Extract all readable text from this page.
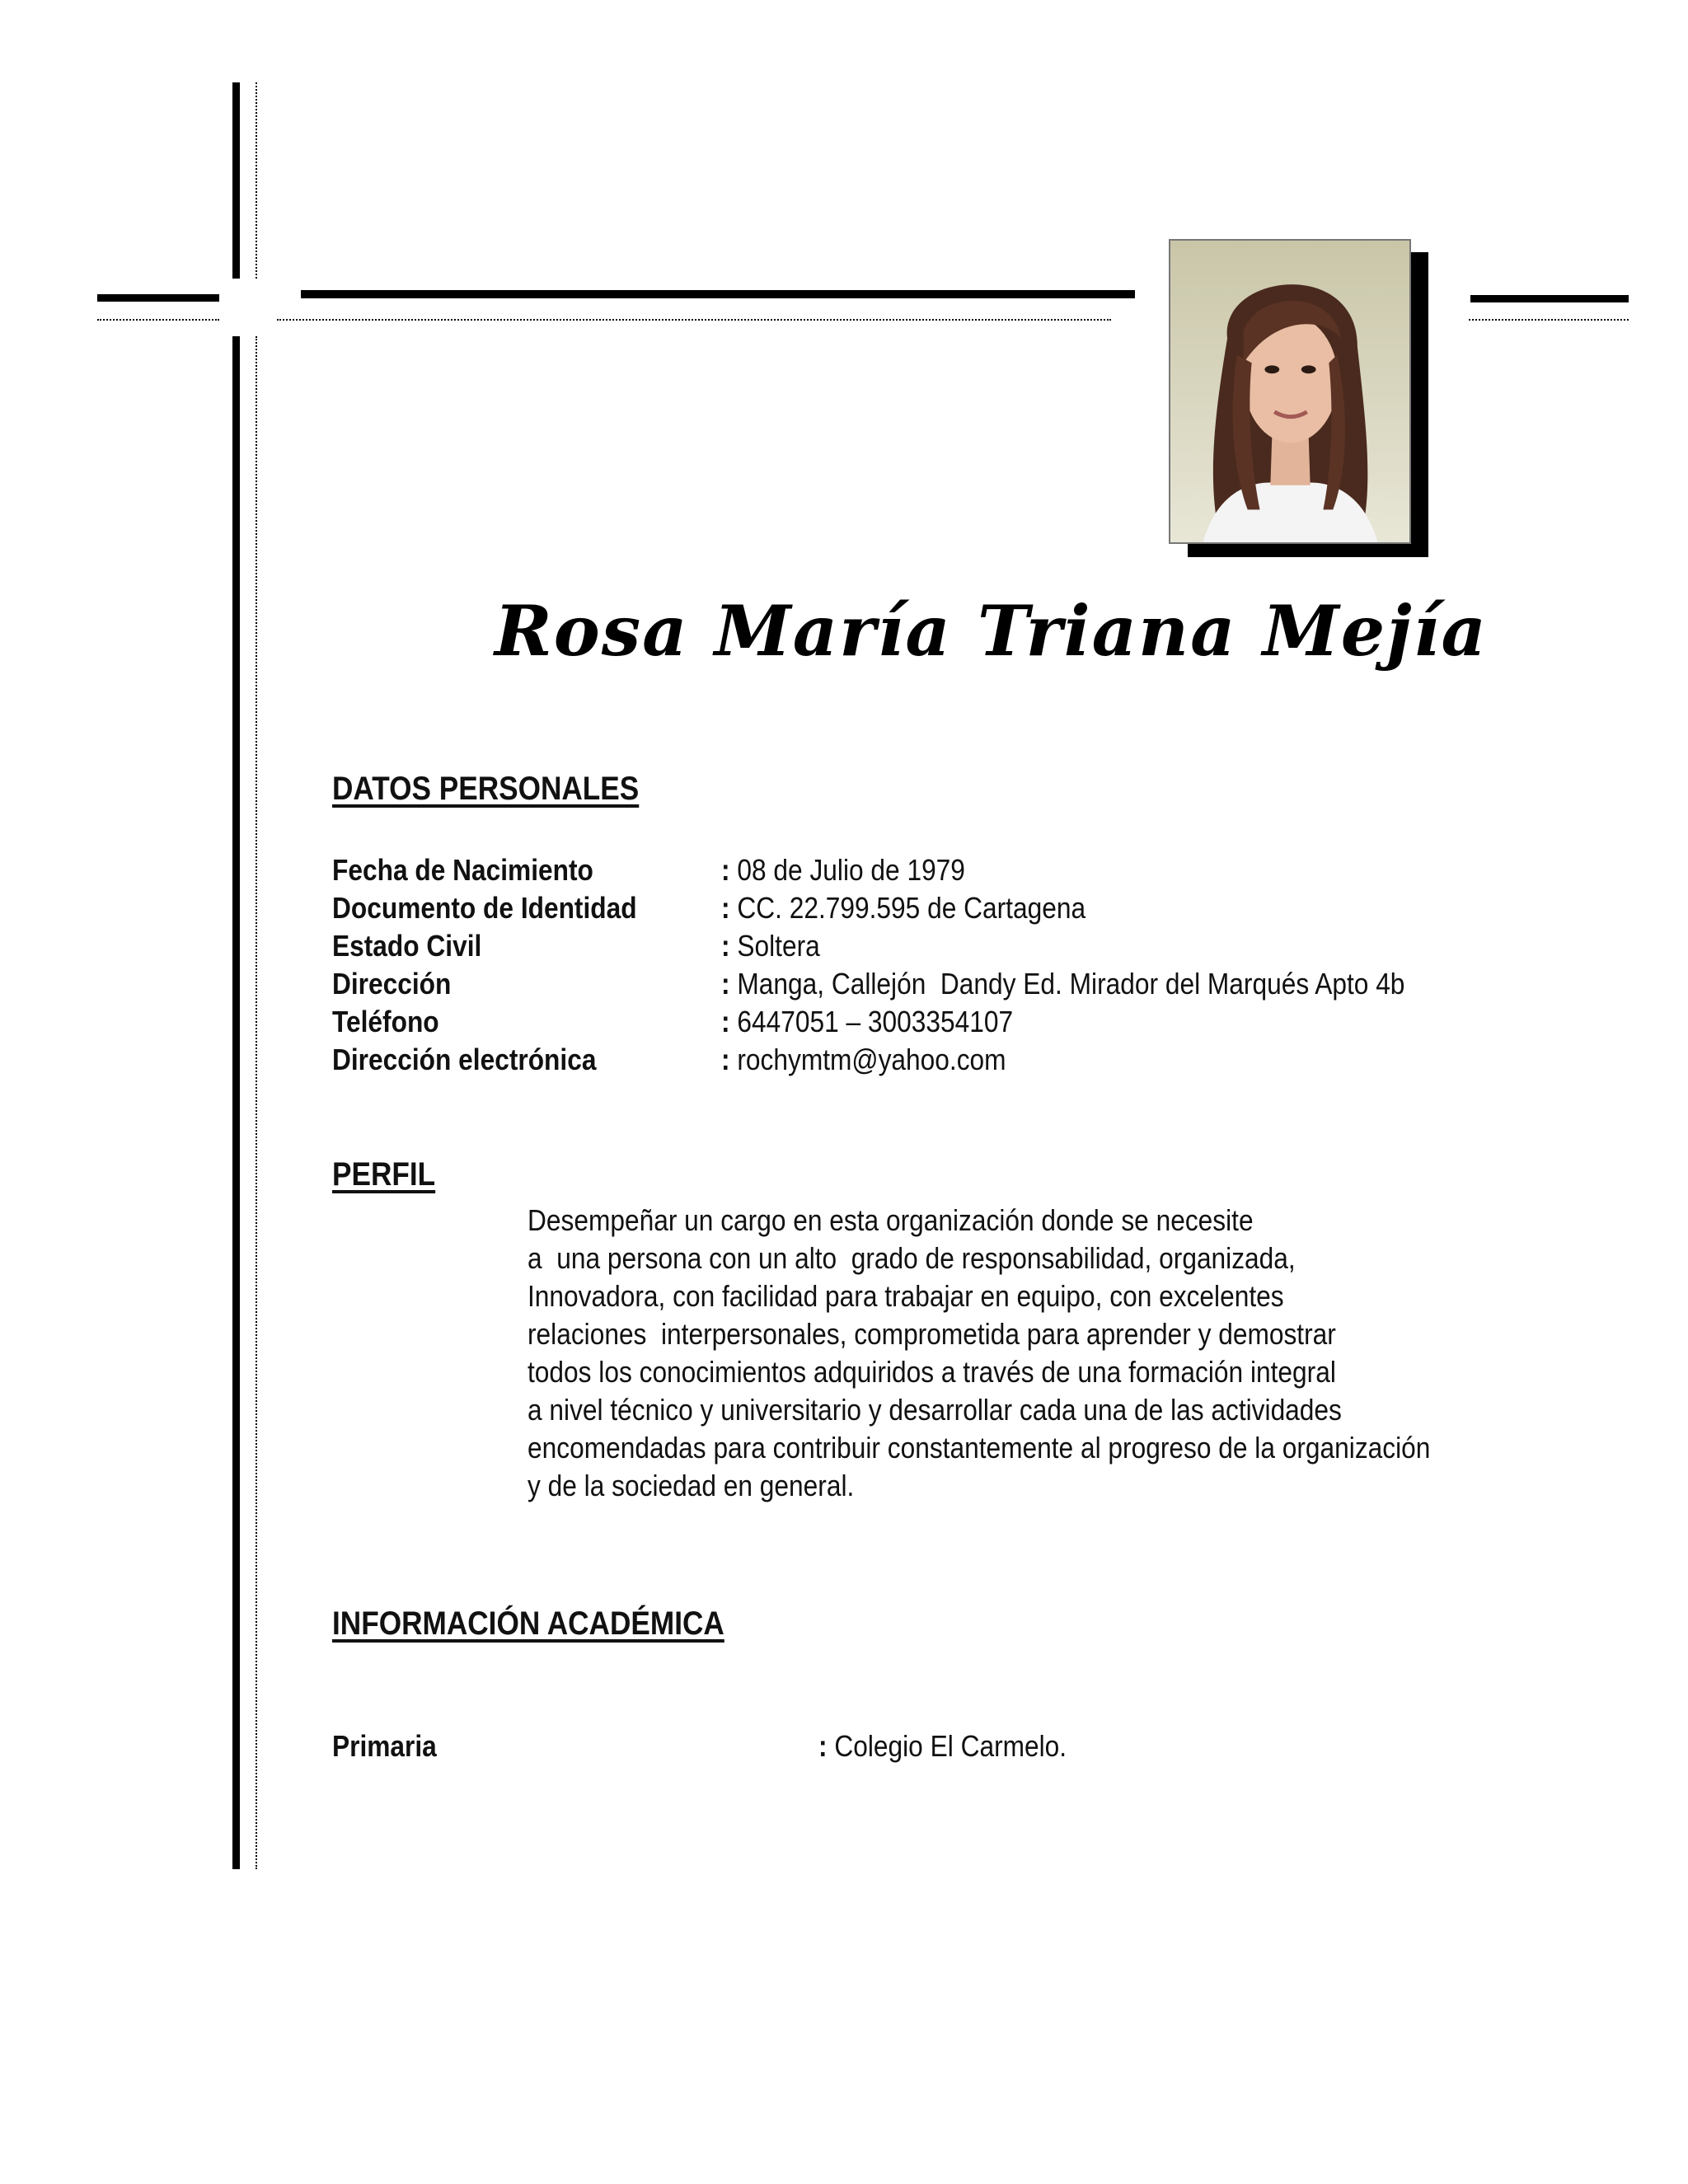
Rosa María Triana Mejía
DATOS PERSONALES
Fecha de Nacimiento	: 08 de Julio de 1979
Documento de Identidad	: CC. 22.799.595 de Cartagena
Estado Civil	: Soltera
Dirección	: Manga, Callejón  Dandy Ed. Mirador del Marqués Apto 4b
Teléfono	: 6447051 – 3003354107
Dirección electrónica	: rochymtm@yahoo.com
PERFIL
Desempeñar un cargo en esta organización donde se necesite
a  una persona con un alto  grado de responsabilidad, organizada,
Innovadora, con facilidad para trabajar en equipo, con excelentes
relaciones  interpersonales, comprometida para aprender y demostrar
todos los conocimientos adquiridos a través de una formación integral
a nivel técnico y universitario y desarrollar cada una de las actividades
encomendadas para contribuir constantemente al progreso de la organización
y de la sociedad en general.
INFORMACIÓN ACADÉMICA
Primaria	: Colegio El Carmelo.
